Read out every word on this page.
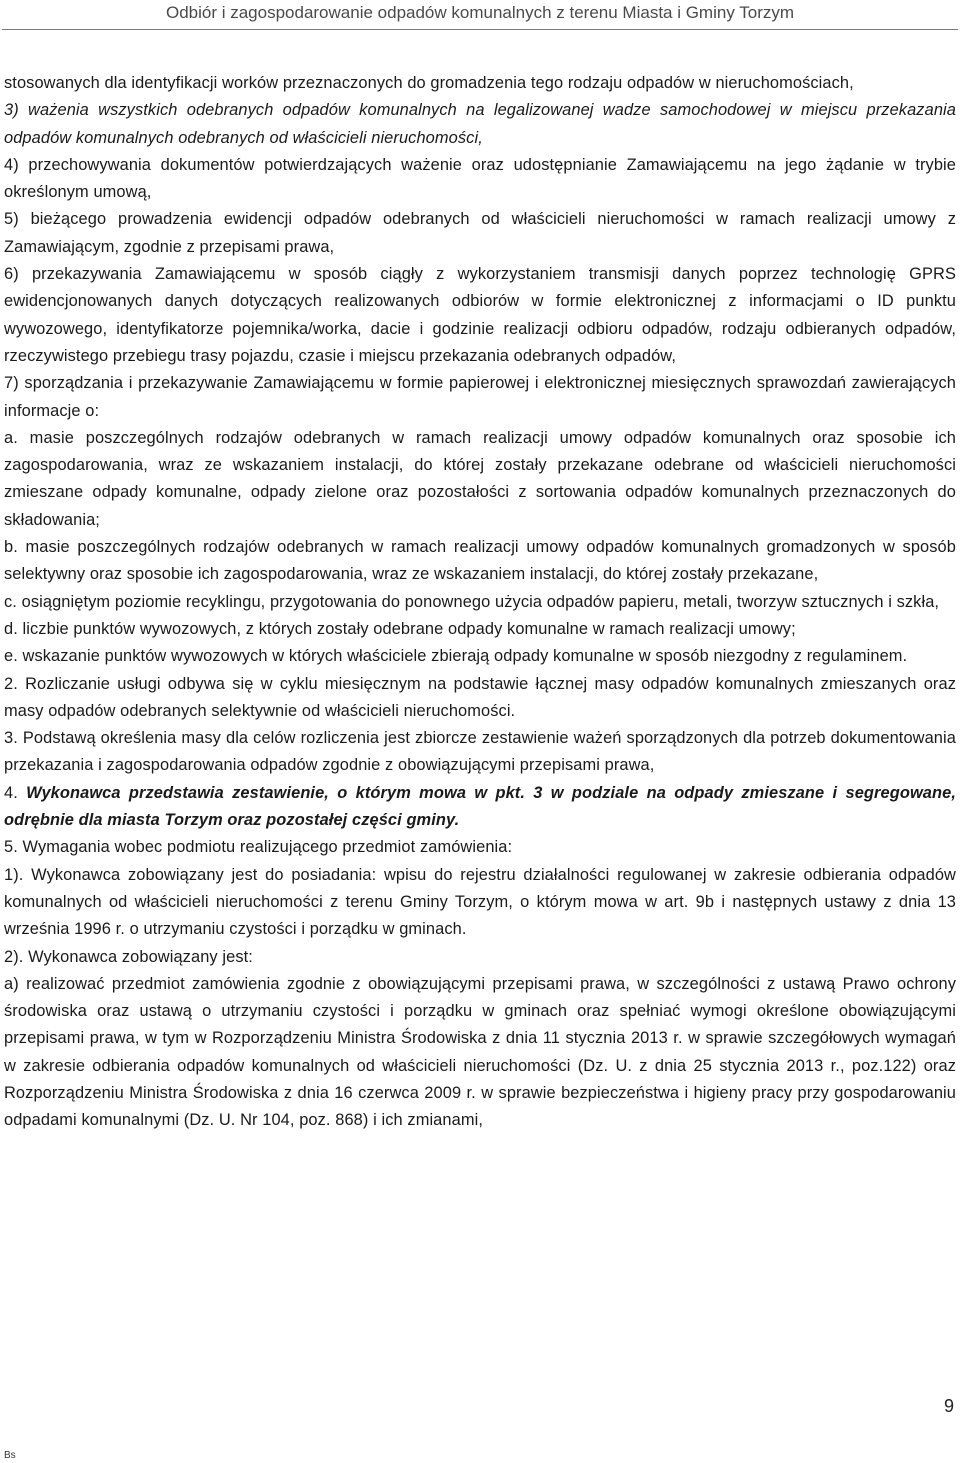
Odbiór i zagospodarowanie odpadów komunalnych z terenu Miasta i Gminy Torzym

stosowanych dla identyfikacji worków przeznaczonych do gromadzenia tego rodzaju odpadów w nieruchomościach,

3) ważenia wszystkich odebranych odpadów komunalnych na legalizowanej wadze samochodowej w miejscu przekazania odpadów komunalnych odebranych od właścicieli nieruchomości,

4) przechowywania dokumentów potwierdzających ważenie oraz udostępnianie Zamawiającemu na jego żądanie w trybie określonym umową,

5) bieżącego prowadzenia ewidencji odpadów odebranych od właścicieli nieruchomości w ramach realizacji umowy z Zamawiającym, zgodnie z przepisami prawa,

6) przekazywania Zamawiającemu w sposób ciągły z wykorzystaniem transmisji danych poprzez technologię GPRS ewidencjonowanych danych dotyczących realizowanych odbiorów w formie elektronicznej z informacjami o ID punktu wywozowego, identyfikatorze pojemnika/worka, dacie i godzinie realizacji odbioru odpadów, rodzaju odbieranych odpadów, rzeczywistego przebiegu trasy pojazdu, czasie i miejscu przekazania odebranych odpadów,

7) sporządzania i przekazywanie Zamawiającemu w formie papierowej i elektronicznej miesięcznych sprawozdań zawierających informacje o:

a. masie poszczególnych rodzajów odebranych w ramach realizacji umowy odpadów komunalnych oraz sposobie ich zagospodarowania, wraz ze wskazaniem instalacji, do której zostały przekazane odebrane od właścicieli nieruchomości zmieszane odpady komunalne, odpady zielone oraz pozostałości z sortowania odpadów komunalnych przeznaczonych do składowania;

b. masie poszczególnych rodzajów odebranych w ramach realizacji umowy odpadów komunalnych gromadzonych w sposób selektywny oraz sposobie ich zagospodarowania, wraz ze wskazaniem instalacji, do której zostały przekazane,

c. osiągniętym poziomie recyklingu, przygotowania do ponownego użycia odpadów papieru, metali, tworzyw sztucznych i szkła,

d. liczbie punktów wywozowych, z których zostały odebrane odpady komunalne w ramach realizacji umowy;

e. wskazanie punktów wywozowych w których właściciele zbierają odpady komunalne w sposób niezgodny z regulaminem.

2. Rozliczanie usługi odbywa się w cyklu miesięcznym na podstawie łącznej masy odpadów komunalnych zmieszanych oraz masy odpadów odebranych selektywnie od właścicieli nieruchomości.

3. Podstawą określenia masy dla celów rozliczenia jest zbiorcze zestawienie ważeń sporządzonych dla potrzeb dokumentowania przekazania i zagospodarowania odpadów zgodnie z obowiązującymi przepisami prawa,

4. Wykonawca przedstawia zestawienie, o którym mowa w pkt. 3 w podziale na odpady zmieszane i segregowane, odrębnie dla miasta Torzym oraz pozostałej części gminy.

5. Wymagania wobec podmiotu realizującego przedmiot zamówienia:

1). Wykonawca zobowiązany jest do posiadania: wpisu do rejestru działalności regulowanej w zakresie odbierania odpadów komunalnych od właścicieli nieruchomości z terenu Gminy Torzym, o którym mowa w art. 9b i następnych ustawy z dnia 13 września 1996 r. o utrzymaniu czystości i porządku w gminach.

2). Wykonawca zobowiązany jest:

a) realizować przedmiot zamówienia zgodnie z obowiązującymi przepisami prawa, w szczególności z ustawą Prawo ochrony środowiska oraz ustawą o utrzymaniu czystości i porządku w gminach oraz spełniać wymogi określone obowiązującymi przepisami prawa, w tym w Rozporządzeniu Ministra Środowiska z dnia 11 stycznia 2013 r. w sprawie szczegółowych wymagań w zakresie odbierania odpadów komunalnych od właścicieli nieruchomości (Dz. U. z dnia 25 stycznia 2013 r., poz.122) oraz Rozporządzeniu Ministra Środowiska z dnia 16 czerwca 2009 r. w sprawie bezpieczeństwa i higieny pracy przy gospodarowaniu odpadami komunalnymi (Dz. U. Nr 104, poz. 868) i ich zmianami,

Bs
9
